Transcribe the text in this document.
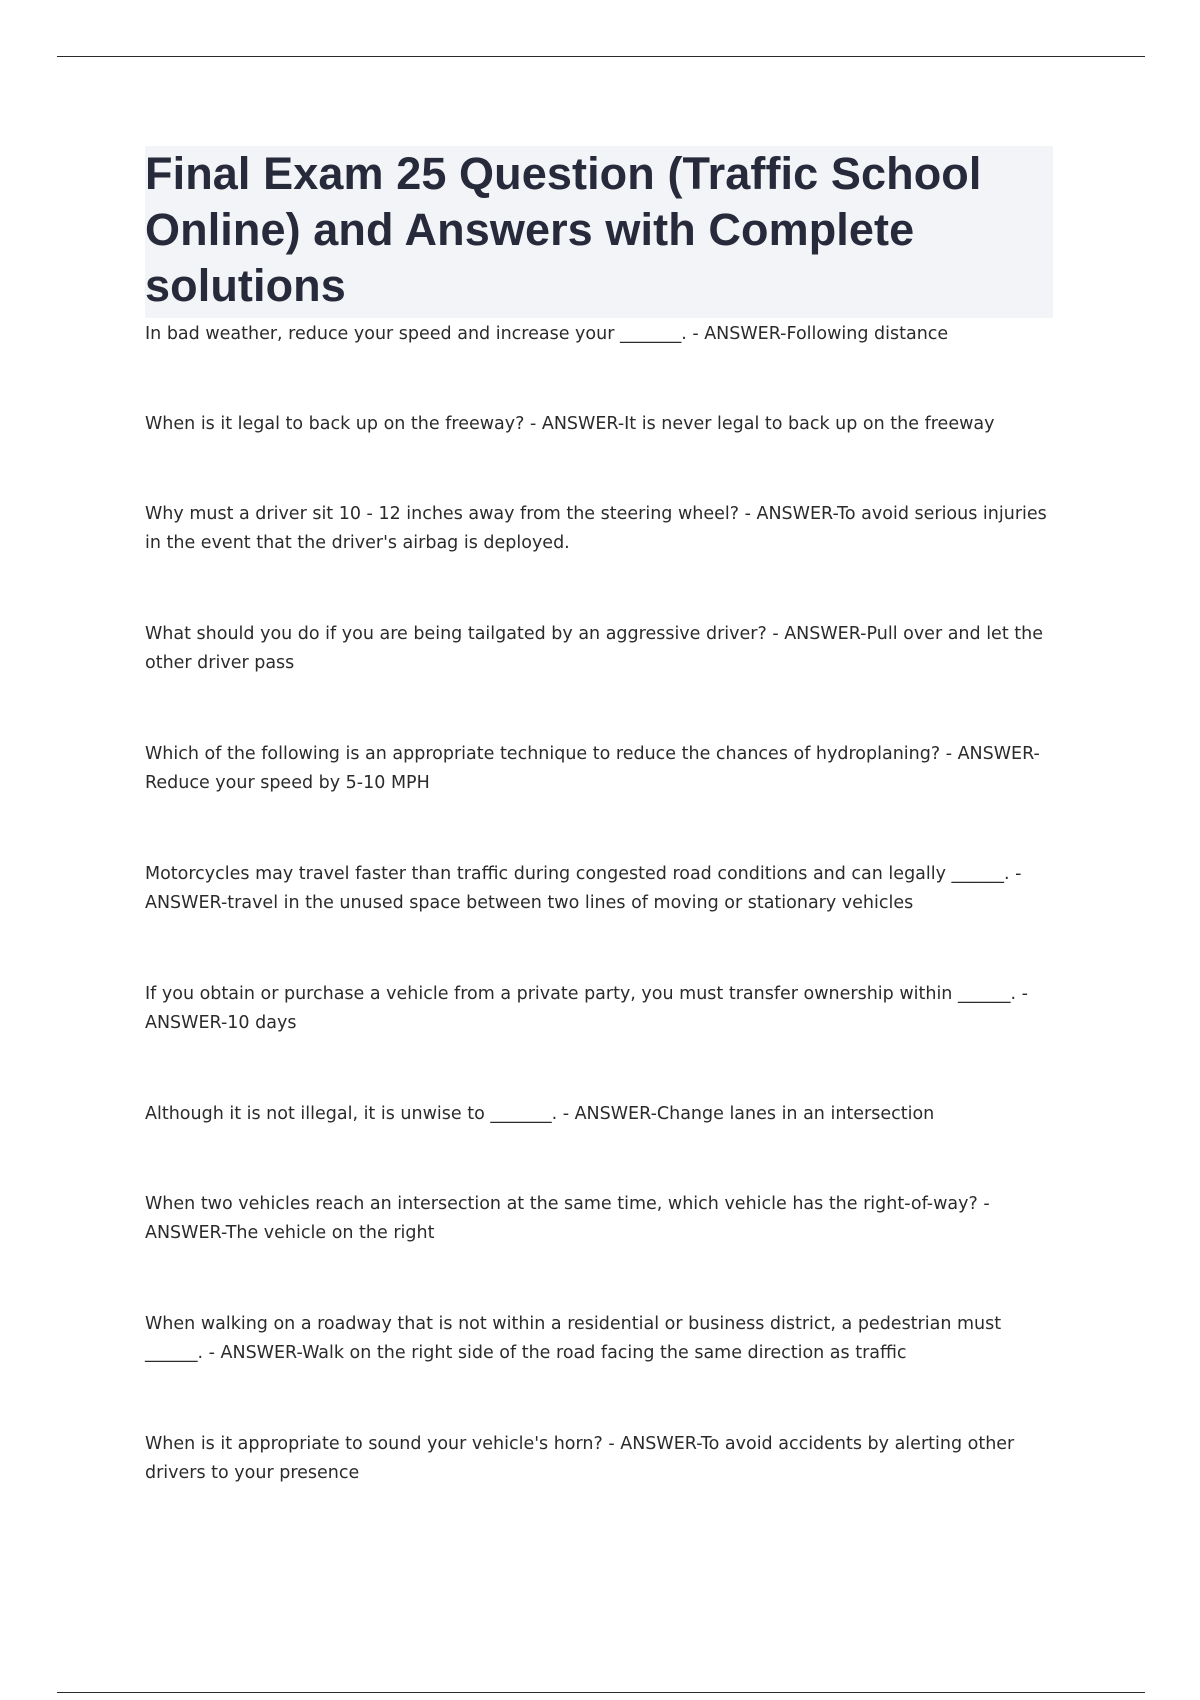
Final Exam 25 Question (Traffic School Online) and Answers with Complete solutions
In bad weather, reduce your speed and increase your _______. - ANSWER-Following distance
When is it legal to back up on the freeway? - ANSWER-It is never legal to back up on the freeway
Why must a driver sit 10 - 12 inches away from the steering wheel? - ANSWER-To avoid serious injuries in the event that the driver's airbag is deployed.
What should you do if you are being tailgated by an aggressive driver? - ANSWER-Pull over and let the other driver pass
Which of the following is an appropriate technique to reduce the chances of hydroplaning? - ANSWER-Reduce your speed by 5-10 MPH
Motorcycles may travel faster than traffic during congested road conditions and can legally ______. - ANSWER-travel in the unused space between two lines of moving or stationary vehicles
If you obtain or purchase a vehicle from a private party, you must transfer ownership within ______. - ANSWER-10 days
Although it is not illegal, it is unwise to _______. - ANSWER-Change lanes in an intersection
When two vehicles reach an intersection at the same time, which vehicle has the right-of-way? - ANSWER-The vehicle on the right
When walking on a roadway that is not within a residential or business district, a pedestrian must ______. - ANSWER-Walk on the right side of the road facing the same direction as traffic
When is it appropriate to sound your vehicle's horn? - ANSWER-To avoid accidents by alerting other drivers to your presence
